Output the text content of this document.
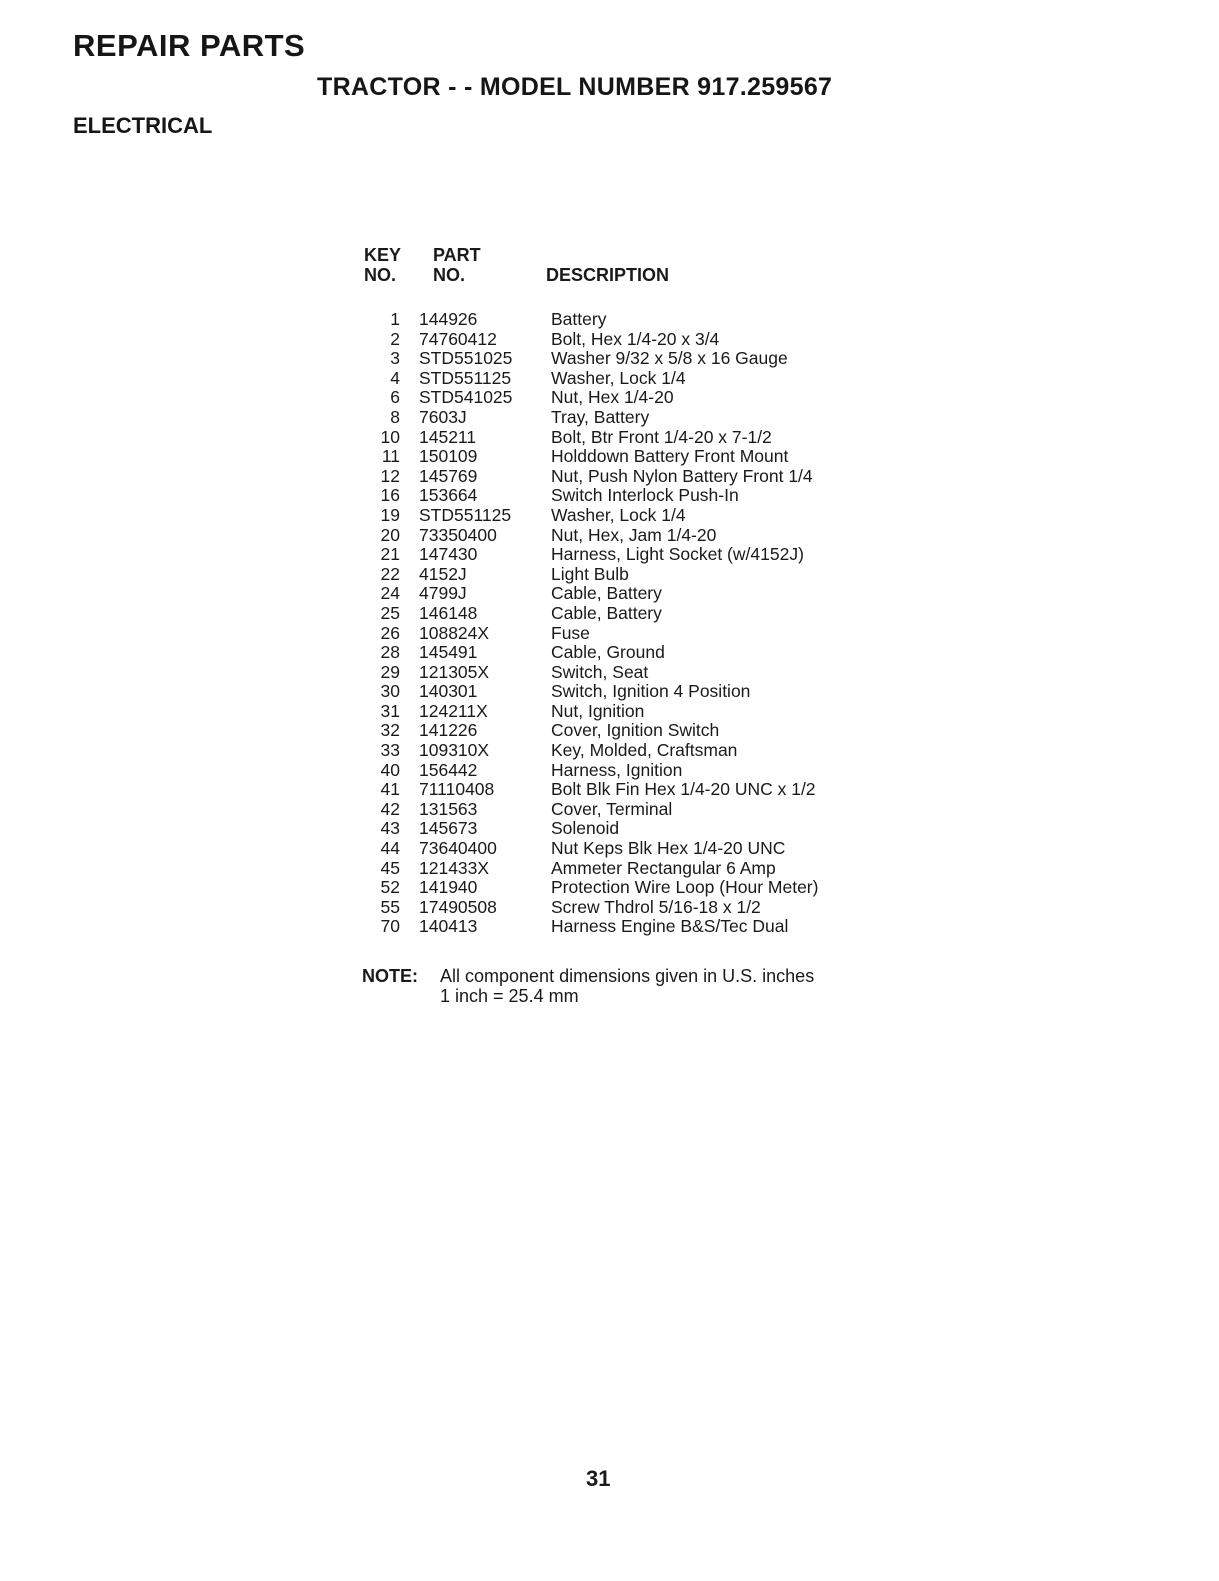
REPAIR PARTS
TRACTOR - - MODEL NUMBER 917.259567
ELECTRICAL
KEY
NO.
PART
NO.	DESCRIPTION
1	144926	Battery
2	74760412	Bolt, Hex 1/4-20 x 3/4
3	STD551025	Washer 9/32 x 5/8 x 16 Gauge
4	STD551125	Washer, Lock 1/4
6	STD541025	Nut, Hex 1/4-20
8	7603J	Tray, Battery
10	145211	Bolt, Btr Front 1/4-20 x 7-1/2
11	150109	Holddown Battery Front Mount
12	145769	Nut, Push Nylon Battery Front 1/4
16	153664	Switch Interlock Push-In
19	STD551125	Washer, Lock 1/4
20	73350400	Nut, Hex, Jam 1/4-20
21	147430	Harness, Light Socket (w/4152J)
22	4152J	Light Bulb
24	4799J	Cable, Battery
25	146148	Cable, Battery
26	108824X	Fuse
28	145491	Cable, Ground
29	121305X	Switch, Seat
30	140301	Switch, Ignition 4 Position
31	124211X	Nut, Ignition
32	141226	Cover, Ignition Switch
33	109310X	Key, Molded, Craftsman
40	156442	Harness, Ignition
41	71110408	Bolt Blk Fin Hex 1/4-20 UNC x 1/2
42	131563	Cover, Terminal
43	145673	Solenoid
44	73640400	Nut Keps Blk Hex 1/4-20 UNC
45	121433X	Ammeter Rectangular 6 Amp
52	141940	Protection Wire Loop (Hour Meter)
55	17490508	Screw Thdrol 5/16-18 x 1/2
70	140413	Harness Engine B&S/Tec Dual
NOTE: All component dimensions given in U.S. inches
1 inch = 25.4 mm
31
